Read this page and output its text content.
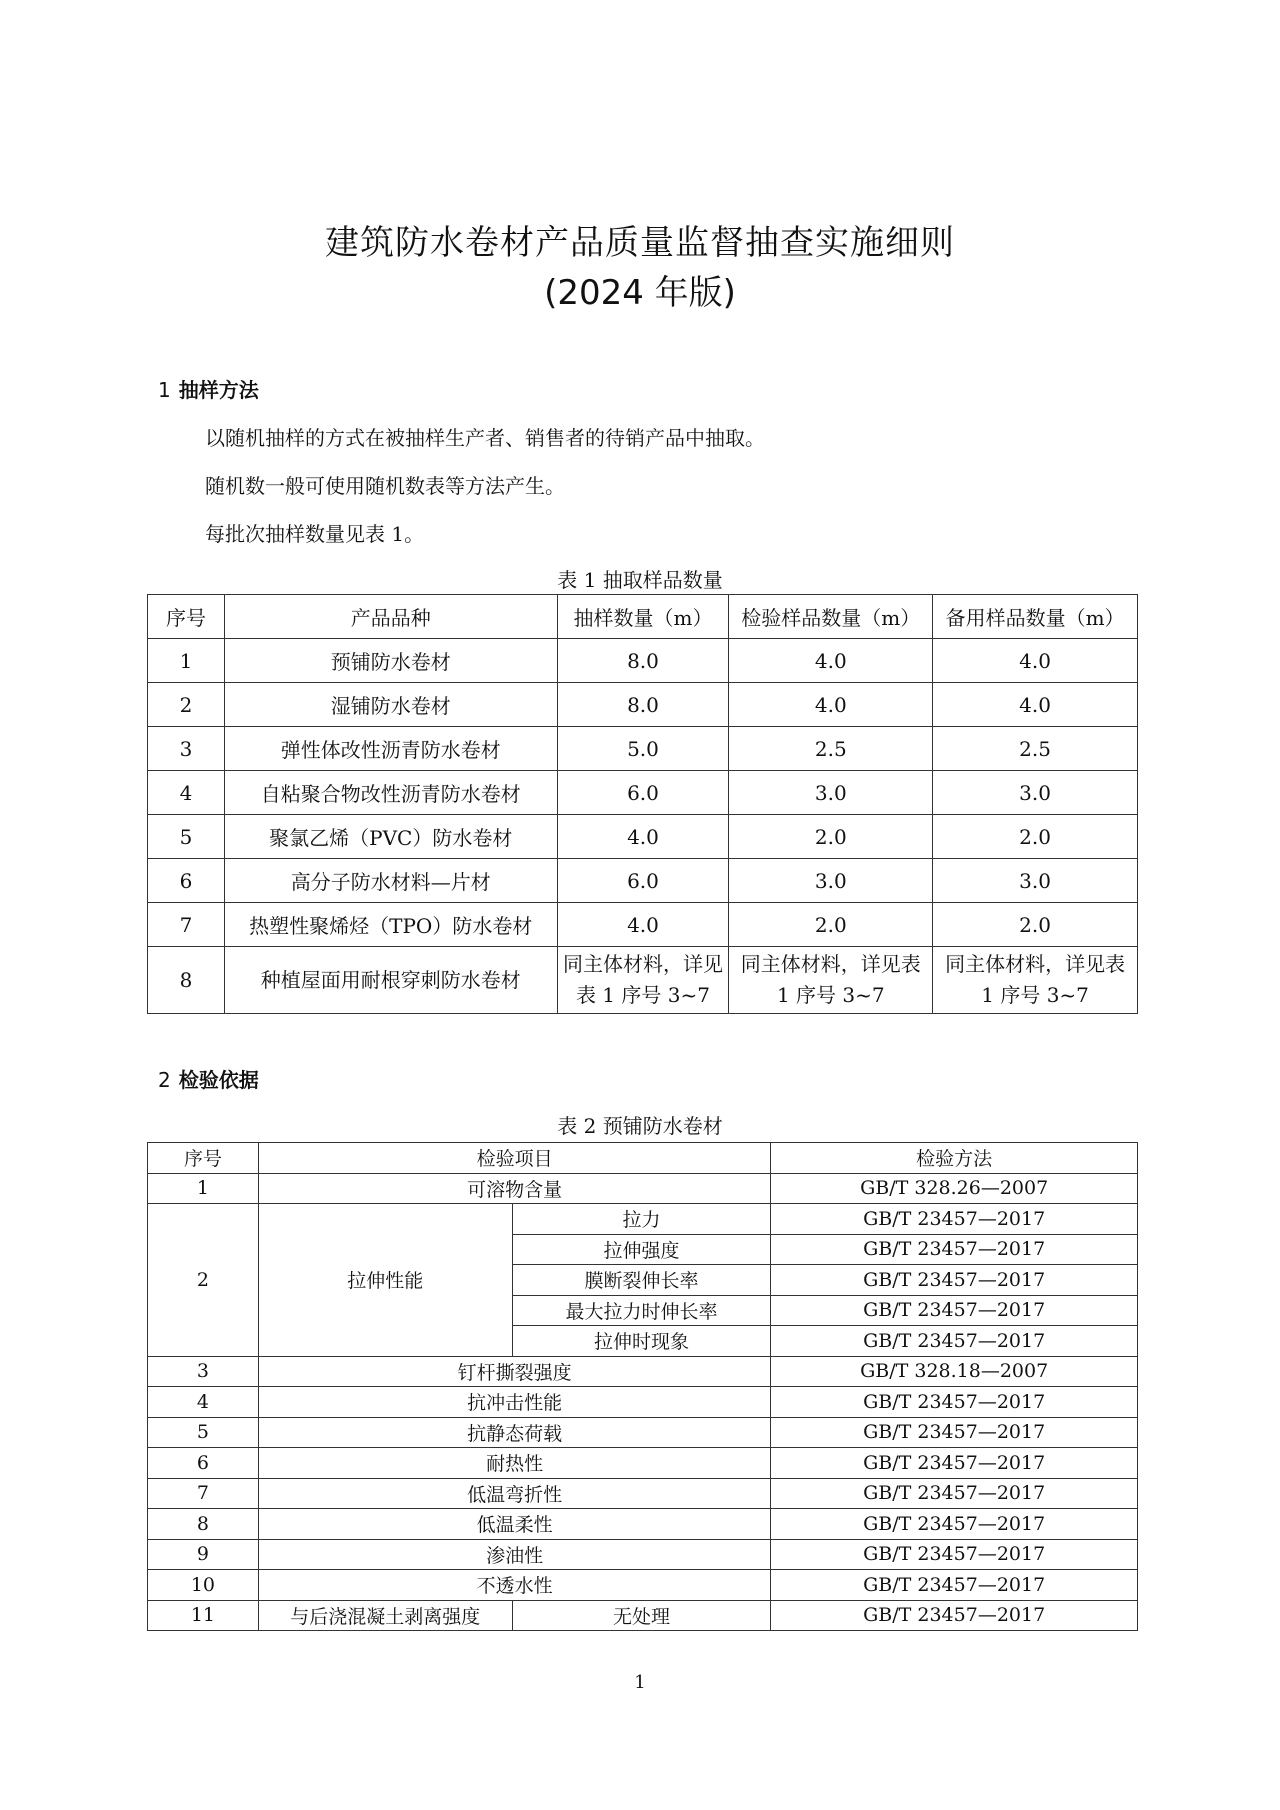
建筑防水卷材产品质量监督抽查实施细则
(2024 年版)
1 抽样方法
以随机抽样的方式在被抽样生产者、销售者的待销产品中抽取。
随机数一般可使用随机数表等方法产生。
每批次抽样数量见表 1。
表 1 抽取样品数量
序号	产品品种	抽样数量（m）	检验样品数量（m）	备用样品数量（m）
1	预铺防水卷材	8.0	4.0	4.0
2	湿铺防水卷材	8.0	4.0	4.0
3	弹性体改性沥青防水卷材	5.0	2.5	2.5
4	自粘聚合物改性沥青防水卷材	6.0	3.0	3.0
5	聚氯乙烯（PVC）防水卷材	4.0	2.0	2.0
6	高分子防水材料—片材	6.0	3.0	3.0
7	热塑性聚烯烃（TPO）防水卷材	4.0	2.0	2.0
8	种植屋面用耐根穿刺防水卷材	同主体材料，详见表 1 序号 3~7	同主体材料，详见表 1 序号 3~7	同主体材料，详见表 1 序号 3~7
2 检验依据
表 2 预铺防水卷材
序号	检验项目		检验方法
1	可溶物含量		GB/T 328.26—2007
2	拉伸性能	拉力	GB/T 23457—2017
		拉伸强度	GB/T 23457—2017
		膜断裂伸长率	GB/T 23457—2017
		最大拉力时伸长率	GB/T 23457—2017
		拉伸时现象	GB/T 23457—2017
3	钉杆撕裂强度		GB/T 328.18—2007
4	抗冲击性能		GB/T 23457—2017
5	抗静态荷载		GB/T 23457—2017
6	耐热性		GB/T 23457—2017
7	低温弯折性		GB/T 23457—2017
8	低温柔性		GB/T 23457—2017
9	渗油性		GB/T 23457—2017
10	不透水性		GB/T 23457—2017
11	与后浇混凝土剥离强度	无处理	GB/T 23457—2017
1
